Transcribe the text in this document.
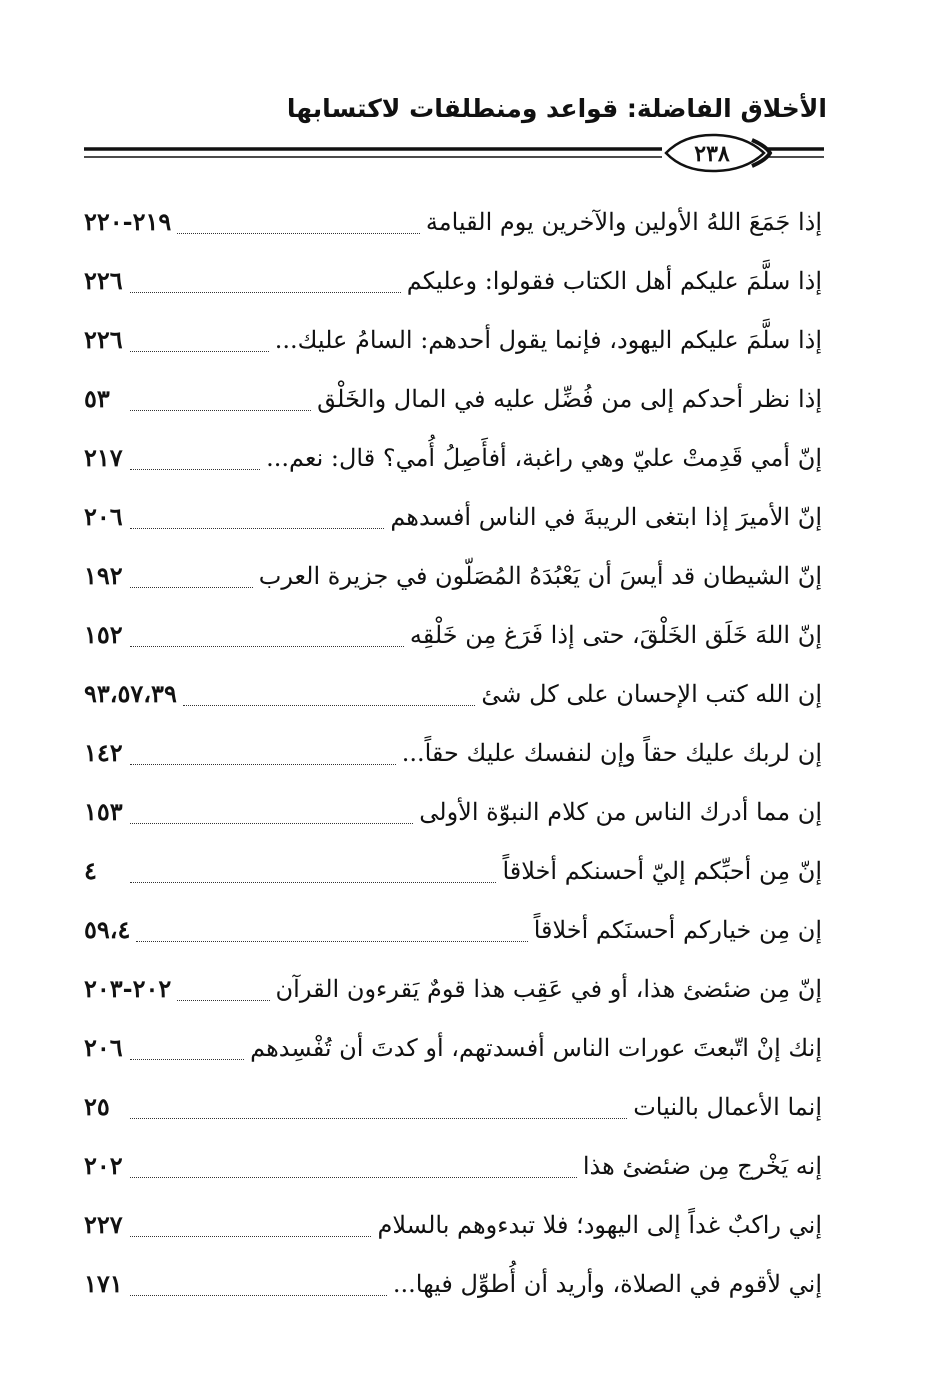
الأخلاق الفاضلة: قواعد ومنطلقات لاكتسابها
٢٣٨
إذا جَمَعَ اللهُ الأولين والآخرين يوم القيامة
٢١٩-٢٢٠
إذا سلَّمَ عليكم أهل الكتاب فقولوا: وعليكم
٢٢٦
إذا سلَّمَ عليكم اليهود، فإنما يقول أحدهم: السامُ عليك...
٢٢٦
إذا نظر أحدكم إلى من فُضِّل عليه في المال والخَلْق
٥٣
إنّ أمي قَدِمتْ عليّ وهي راغبة، أفأَصِلُ أُمي؟ قال: نعم...
٢١٧
إنّ الأميرَ إذا ابتغى الريبةَ في الناس أفسدهم
٢٠٦
إنّ الشيطان قد أيسَ أن يَعْبُدَهُ المُصَلّون في جزيرة العرب
١٩٢
إنّ اللهَ خَلَق الخَلْقَ، حتى إذا فَرَغ مِن خَلْقِه
١٥٢
إن الله كتب الإحسان على كل شئ
٩٣،٥٧،٣٩
إن لربك عليك حقاً وإن لنفسك عليك حقاً...
١٤٢
إن مما أدرك الناس من كلام النبوّة الأولى
١٥٣
إنّ مِن أحبِّكم إليّ أحسنكم أخلاقاً
٤
إن مِن خياركم أحسنَكم أخلاقاً
٥٩،٤
إنّ مِن ضئضئ هذا، أو في عَقِب هذا قومٌ يَقرءون القرآن
٢٠٢-٢٠٣
إنك إنْ اتّبعتَ عورات الناس أفسدتهم، أو كدتَ أن تُفْسِدهم
٢٠٦
إنما الأعمال بالنيات
٢٥
إنه يَخْرج مِن ضئضئ هذا
٢٠٢
إني راكبٌ غداً إلى اليهود؛ فلا تبدءوهم بالسلام
٢٢٧
إني لأقوم في الصلاة، وأريد أن أُطوِّل فيها...
١٧١
